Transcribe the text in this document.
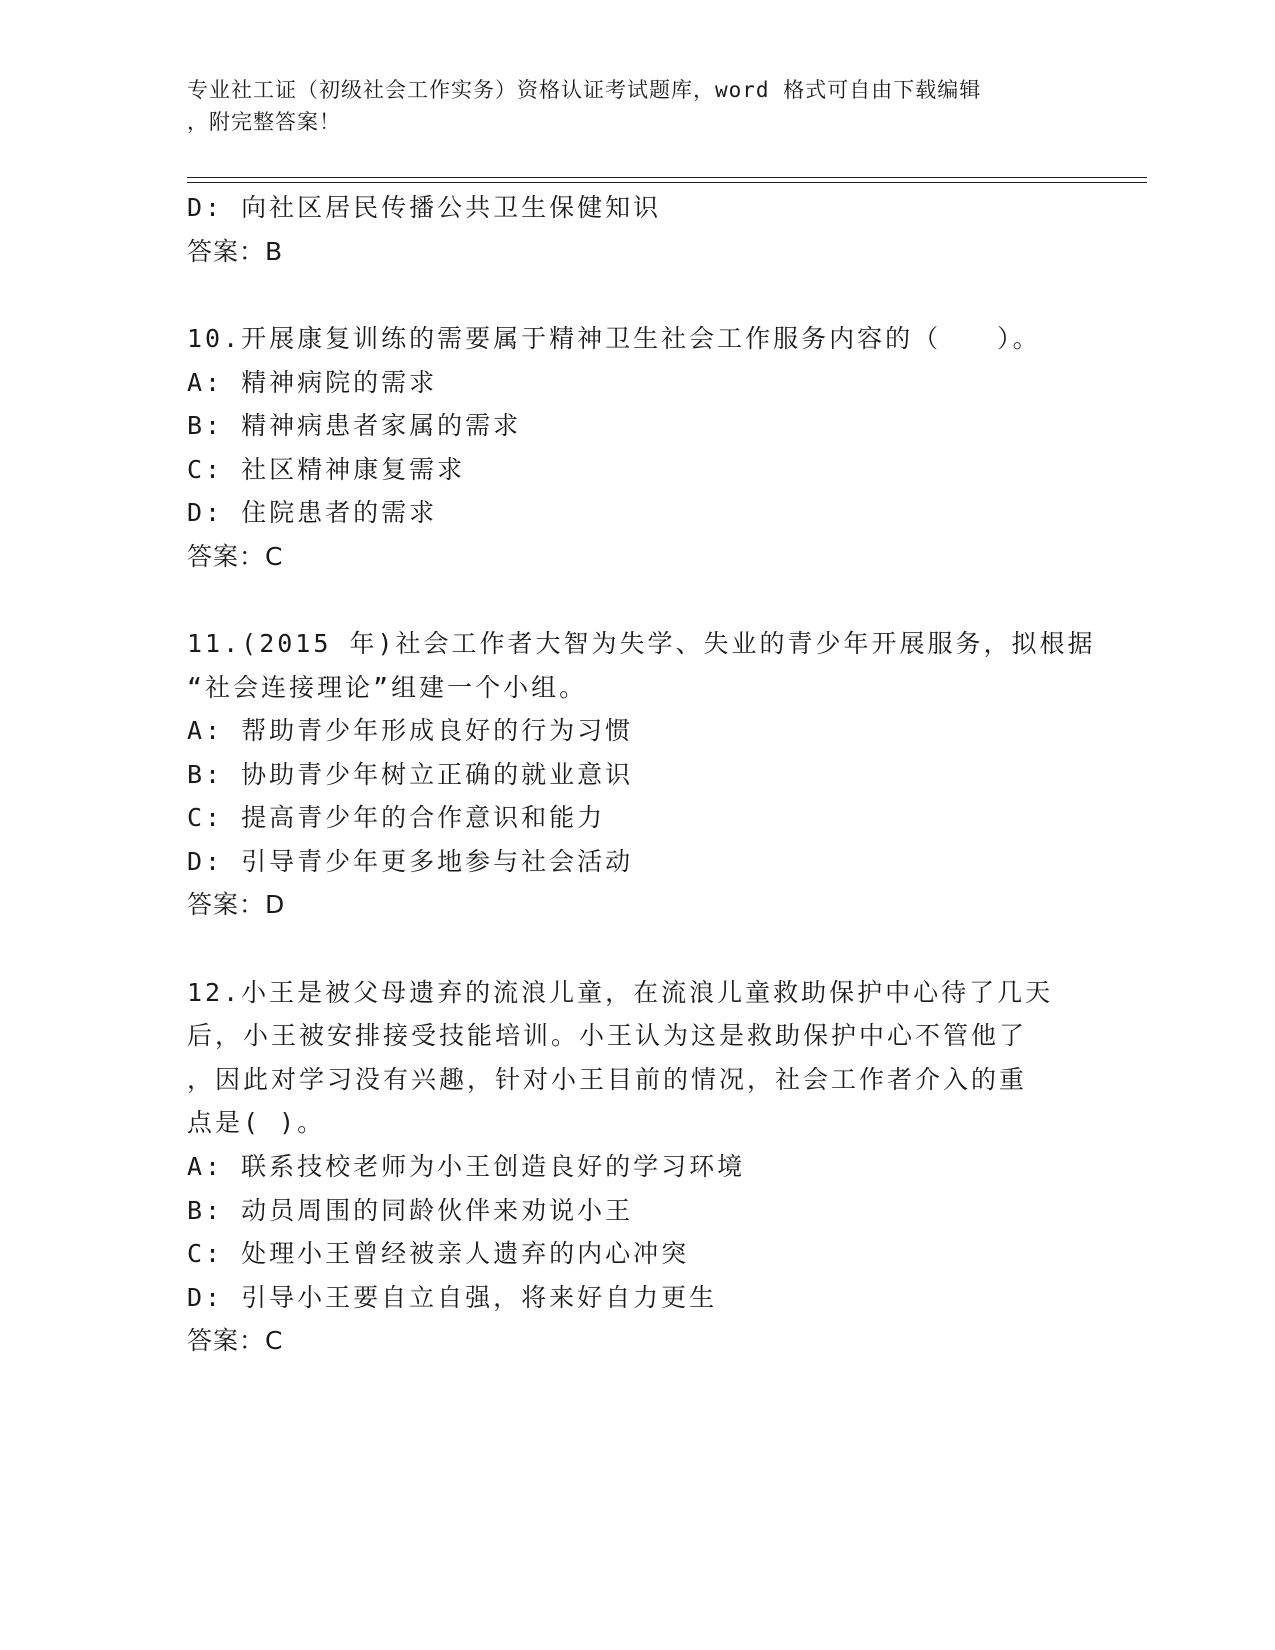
专业社工证（初级社会工作实务）资格认证考试题库，word 格式可自由下载编辑
，附完整答案！
D: 向社区居民传播公共卫生保健知识
答案：B
10.开展康复训练的需要属于精神卫生社会工作服务内容的（　　）。
A: 精神病院的需求
B: 精神病患者家属的需求
C: 社区精神康复需求
D: 住院患者的需求
答案：C
11.(2015 年)社会工作者大智为失学、失业的青少年开展服务，拟根据
“社会连接理论”组建一个小组。
A: 帮助青少年形成良好的行为习惯
B: 协助青少年树立正确的就业意识
C: 提高青少年的合作意识和能力
D: 引导青少年更多地参与社会活动
答案：D
12.小王是被父母遗弃的流浪儿童，在流浪儿童救助保护中心待了几天
后，小王被安排接受技能培训。小王认为这是救助保护中心不管他了
，因此对学习没有兴趣，针对小王目前的情况，社会工作者介入的重
点是( )。
A: 联系技校老师为小王创造良好的学习环境
B: 动员周围的同龄伙伴来劝说小王
C: 处理小王曾经被亲人遗弃的内心冲突
D: 引导小王要自立自强，将来好自力更生
答案：C
